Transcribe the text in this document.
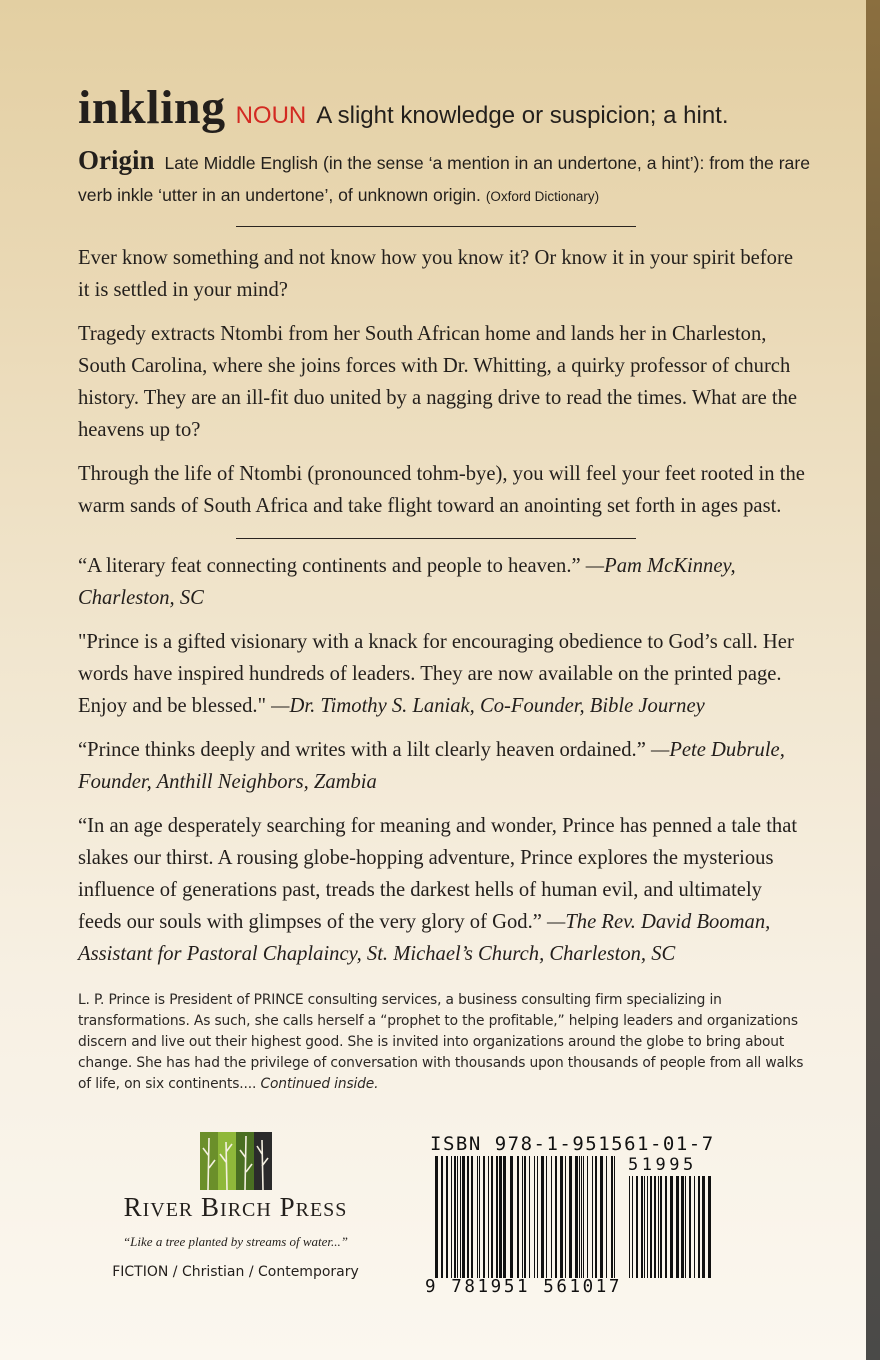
inkling NOUN A slight knowledge or suspicion; a hint.
Origin Late Middle English (in the sense ‘a mention in an undertone, a hint’): from the rare verb inkle ‘utter in an undertone’, of unknown origin. (Oxford Dictionary)

Ever know something and not know how you know it? Or know it in your spirit before it is settled in your mind?

Tragedy extracts Ntombi from her South African home and lands her in Charleston, South Carolina, where she joins forces with Dr. Whitting, a quirky professor of church history. They are an ill-fit duo united by a nagging drive to read the times. What are the heavens up to?

Through the life of Ntombi (pronounced tohm-bye), you will feel your feet rooted in the warm sands of South Africa and take flight toward an anointing set forth in ages past.

“A literary feat connecting continents and people to heaven.” —Pam McKinney, Charleston, SC

"Prince is a gifted visionary with a knack for encouraging obedience to God’s call. Her words have inspired hundreds of leaders. They are now available on the printed page. Enjoy and be blessed." —Dr. Timothy S. Laniak, Co-Founder, Bible Journey

“Prince thinks deeply and writes with a lilt clearly heaven ordained.” —Pete Dubrule, Founder, Anthill Neighbors, Zambia

“In an age desperately searching for meaning and wonder, Prince has penned a tale that slakes our thirst. A rousing globe-hopping adventure, Prince explores the mysterious influence of generations past, treads the darkest hells of human evil, and ultimately feeds our souls with glimpses of the very glory of God.” —The Rev. David Booman, Assistant for Pastoral Chaplaincy, St. Michael’s Church, Charleston, SC

L. P. Prince is President of PRINCE consulting services, a business consulting firm specializing in transformations. As such, she calls herself a “prophet to the profitable,” helping leaders and organizations discern and live out their highest good. She is invited into organizations around the globe to bring about change. She has had the privilege of conversation with thousands upon thousands of people from all walks of life, on six continents.... Continued inside.
RIVER BIRCH PRESS
“Like a tree planted by streams of water...”
FICTION / Christian / Contemporary
ISBN 978-1-951561-01-7
51995
9 781951 561017
